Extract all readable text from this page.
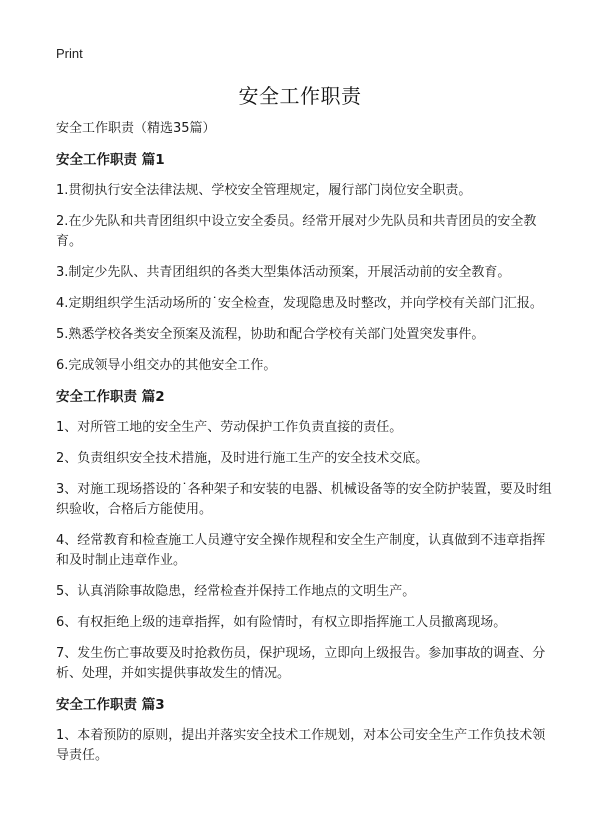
Print
安全工作职责
安全工作职责（精选35篇）
安全工作职责 篇1
1.贯彻执行安全法律法规、学校安全管理规定，履行部门岗位安全职责。
2.在少先队和共青团组织中设立安全委员。经常开展对少先队员和共青团员的安全教育。
3.制定少先队、共青团组织的各类大型集体活动预案，开展活动前的安全教育。
4.定期组织学生活动场所的˙安全检查，发现隐患及时整改，并向学校有关部门汇报。
5.熟悉学校各类安全预案及流程，协助和配合学校有关部门处置突发事件。
6.完成领导小组交办的其他安全工作。
安全工作职责 篇2
1、对所管工地的安全生产、劳动保护工作负责直接的责任。
2、负责组织安全技术措施，及时进行施工生产的安全技术交底。
3、对施工现场搭设的˙各种架子和安装的电器、机械设备等的安全防护装置，要及时组织验收，合格后方能使用。
4、经常教育和检查施工人员遵守安全操作规程和安全生产制度，认真做到不违章指挥和及时制止违章作业。
5、认真消除事故隐患，经常检查并保持工作地点的文明生产。
6、有权拒绝上级的违章指挥，如有险情时，有权立即指挥施工人员撤离现场。
7、发生伤亡事故要及时抢救伤员，保护现场，立即向上级报告。参加事故的调查、分析、处理，并如实提供事故发生的情况。
安全工作职责 篇3
1、本着预防的原则，提出并落实安全技术工作规划，对本公司安全生产工作负技术领导责任。
